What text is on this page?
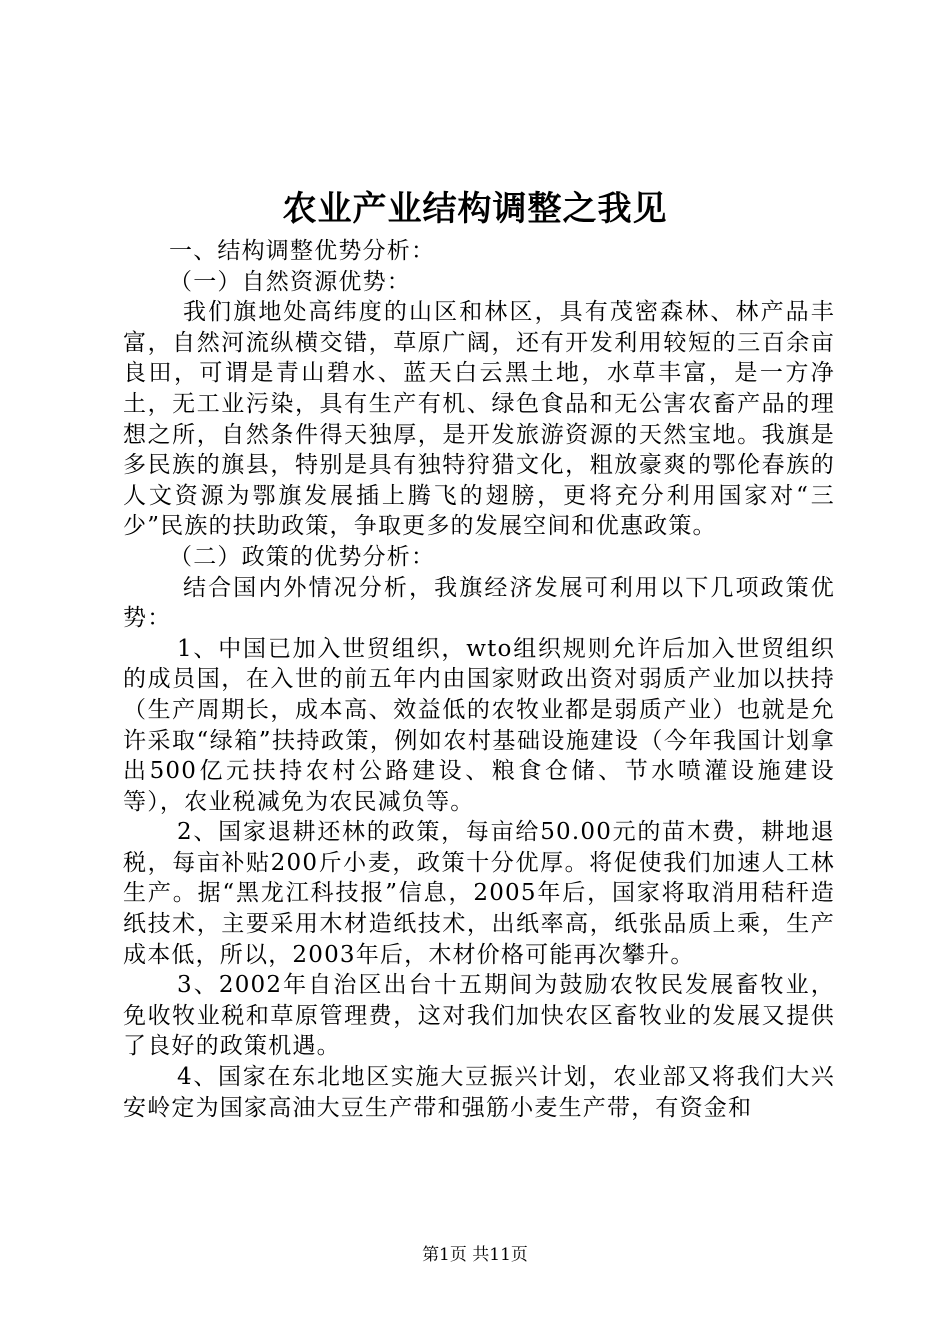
农业产业结构调整之我见

一、结构调整优势分析：

（一）自然资源优势：

我们旗地处高纬度的山区和林区，具有茂密森林、林产品丰富，自然河流纵横交错，草原广阔，还有开发利用较短的三百余亩良田，可谓是青山碧水、蓝天白云黑土地，水草丰富，是一方净土，无工业污染，具有生产有机、绿色食品和无公害农畜产品的理想之所，自然条件得天独厚，是开发旅游资源的天然宝地。我旗是多民族的旗县，特别是具有独特狩猎文化，粗放豪爽的鄂伦春族的人文资源为鄂旗发展插上腾飞的翅膀，更将充分利用国家对“三少”民族的扶助政策，争取更多的发展空间和优惠政策。

（二）政策的优势分析：

结合国内外情况分析，我旗经济发展可利用以下几项政策优势：

1、中国已加入世贸组织，wto组织规则允许后加入世贸组织的成员国，在入世的前五年内由国家财政出资对弱质产业加以扶持（生产周期长，成本高、效益低的农牧业都是弱质产业）也就是允许采取“绿箱”扶持政策，例如农村基础设施建设（今年我国计划拿出500亿元扶持农村公路建设、粮食仓储、节水喷灌设施建设等），农业税减免为农民减负等。

2、国家退耕还林的政策，每亩给50.00元的苗木费，耕地退税，每亩补贴200斤小麦，政策十分优厚。将促使我们加速人工林生产。据“黑龙江科技报”信息，2005年后，国家将取消用秸秆造纸技术，主要采用木材造纸技术，出纸率高，纸张品质上乘，生产成本低，所以，2003年后，木材价格可能再次攀升。

3、2002年自治区出台十五期间为鼓励农牧民发展畜牧业，免收牧业税和草原管理费，这对我们加快农区畜牧业的发展又提供了良好的政策机遇。

4、国家在东北地区实施大豆振兴计划，农业部又将我们大兴安岭定为国家高油大豆生产带和强筋小麦生产带，有资金和

第1页 共11页
